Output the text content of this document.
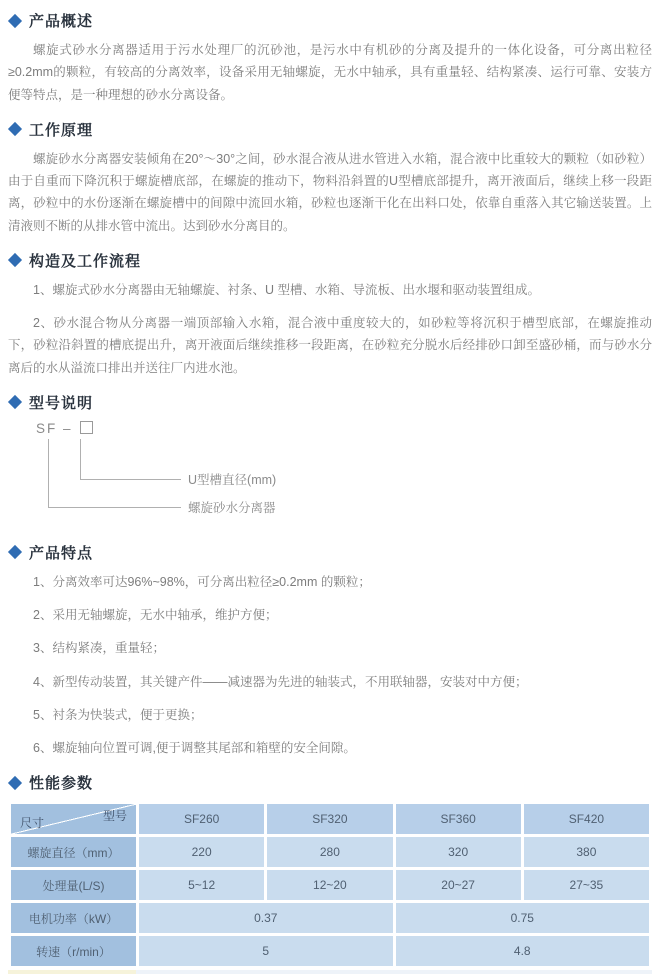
产品概述

螺旋式砂水分离器适用于污水处理厂的沉砂池，是污水中有机砂的分离及提升的一体化设备，可分离出粒径≥0.2mm的颗粒，有较高的分离效率，设备采用无轴螺旋，无水中轴承，具有重量轻、结构紧凑、运行可靠、安装方便等特点，是一种理想的砂水分离设备。

工作原理

螺旋砂水分离器安装倾角在20°～30°之间，砂水混合液从进水管进入水箱，混合液中比重较大的颗粒（如砂粒）由于自重而下降沉积于螺旋槽底部，在螺旋的推动下，物料沿斜置的U型槽底部提升，离开液面后，继续上移一段距离，砂粒中的水份逐渐在螺旋槽中的间隙中流回水箱，砂粒也逐渐干化在出料口处，依靠自重落入其它输送装置。上清液则不断的从排水管中流出。达到砂水分离目的。

构造及工作流程

1、螺旋式砂水分离器由无轴螺旋、衬条、U 型槽、水箱、导流板、出水堰和驱动装置组成。

2、砂水混合物从分离器一端顶部输入水箱，混合液中重度较大的，如砂粒等将沉积于槽型底部，在螺旋推动下，砂粒沿斜置的槽底提出升，离开液面后继续推移一段距离，在砂粒充分脱水后经排砂口卸至盛砂桶，而与砂水分离后的水从溢流口排出并送往厂内进水池。

型号说明
SF –
U型槽直径(mm)
螺旋砂水分离器
产品特点

1、分离效率可达96%~98%，可分离出粒径≥0.2mm 的颗粒；

2、采用无轴螺旋，无水中轴承，维护方便；

3、结构紧凑，重量轻；

4、新型传动装置，其关键产件——减速器为先进的轴装式，不用联轴器，安装对中方便；

5、衬条为快装式，便于更换；

6、螺旋轴向位置可调,便于调整其尾部和箱壁的安全间隙。

性能参数
型号
尺寸	SF260	SF320	SF360	SF420
螺旋直径（mm）	220	280	320	380
处理量(L/S)	5~12	12~20	20~27	27~35
电机功率（kW）	0.37		0.75	
转速（r/min）	5		4.8	
